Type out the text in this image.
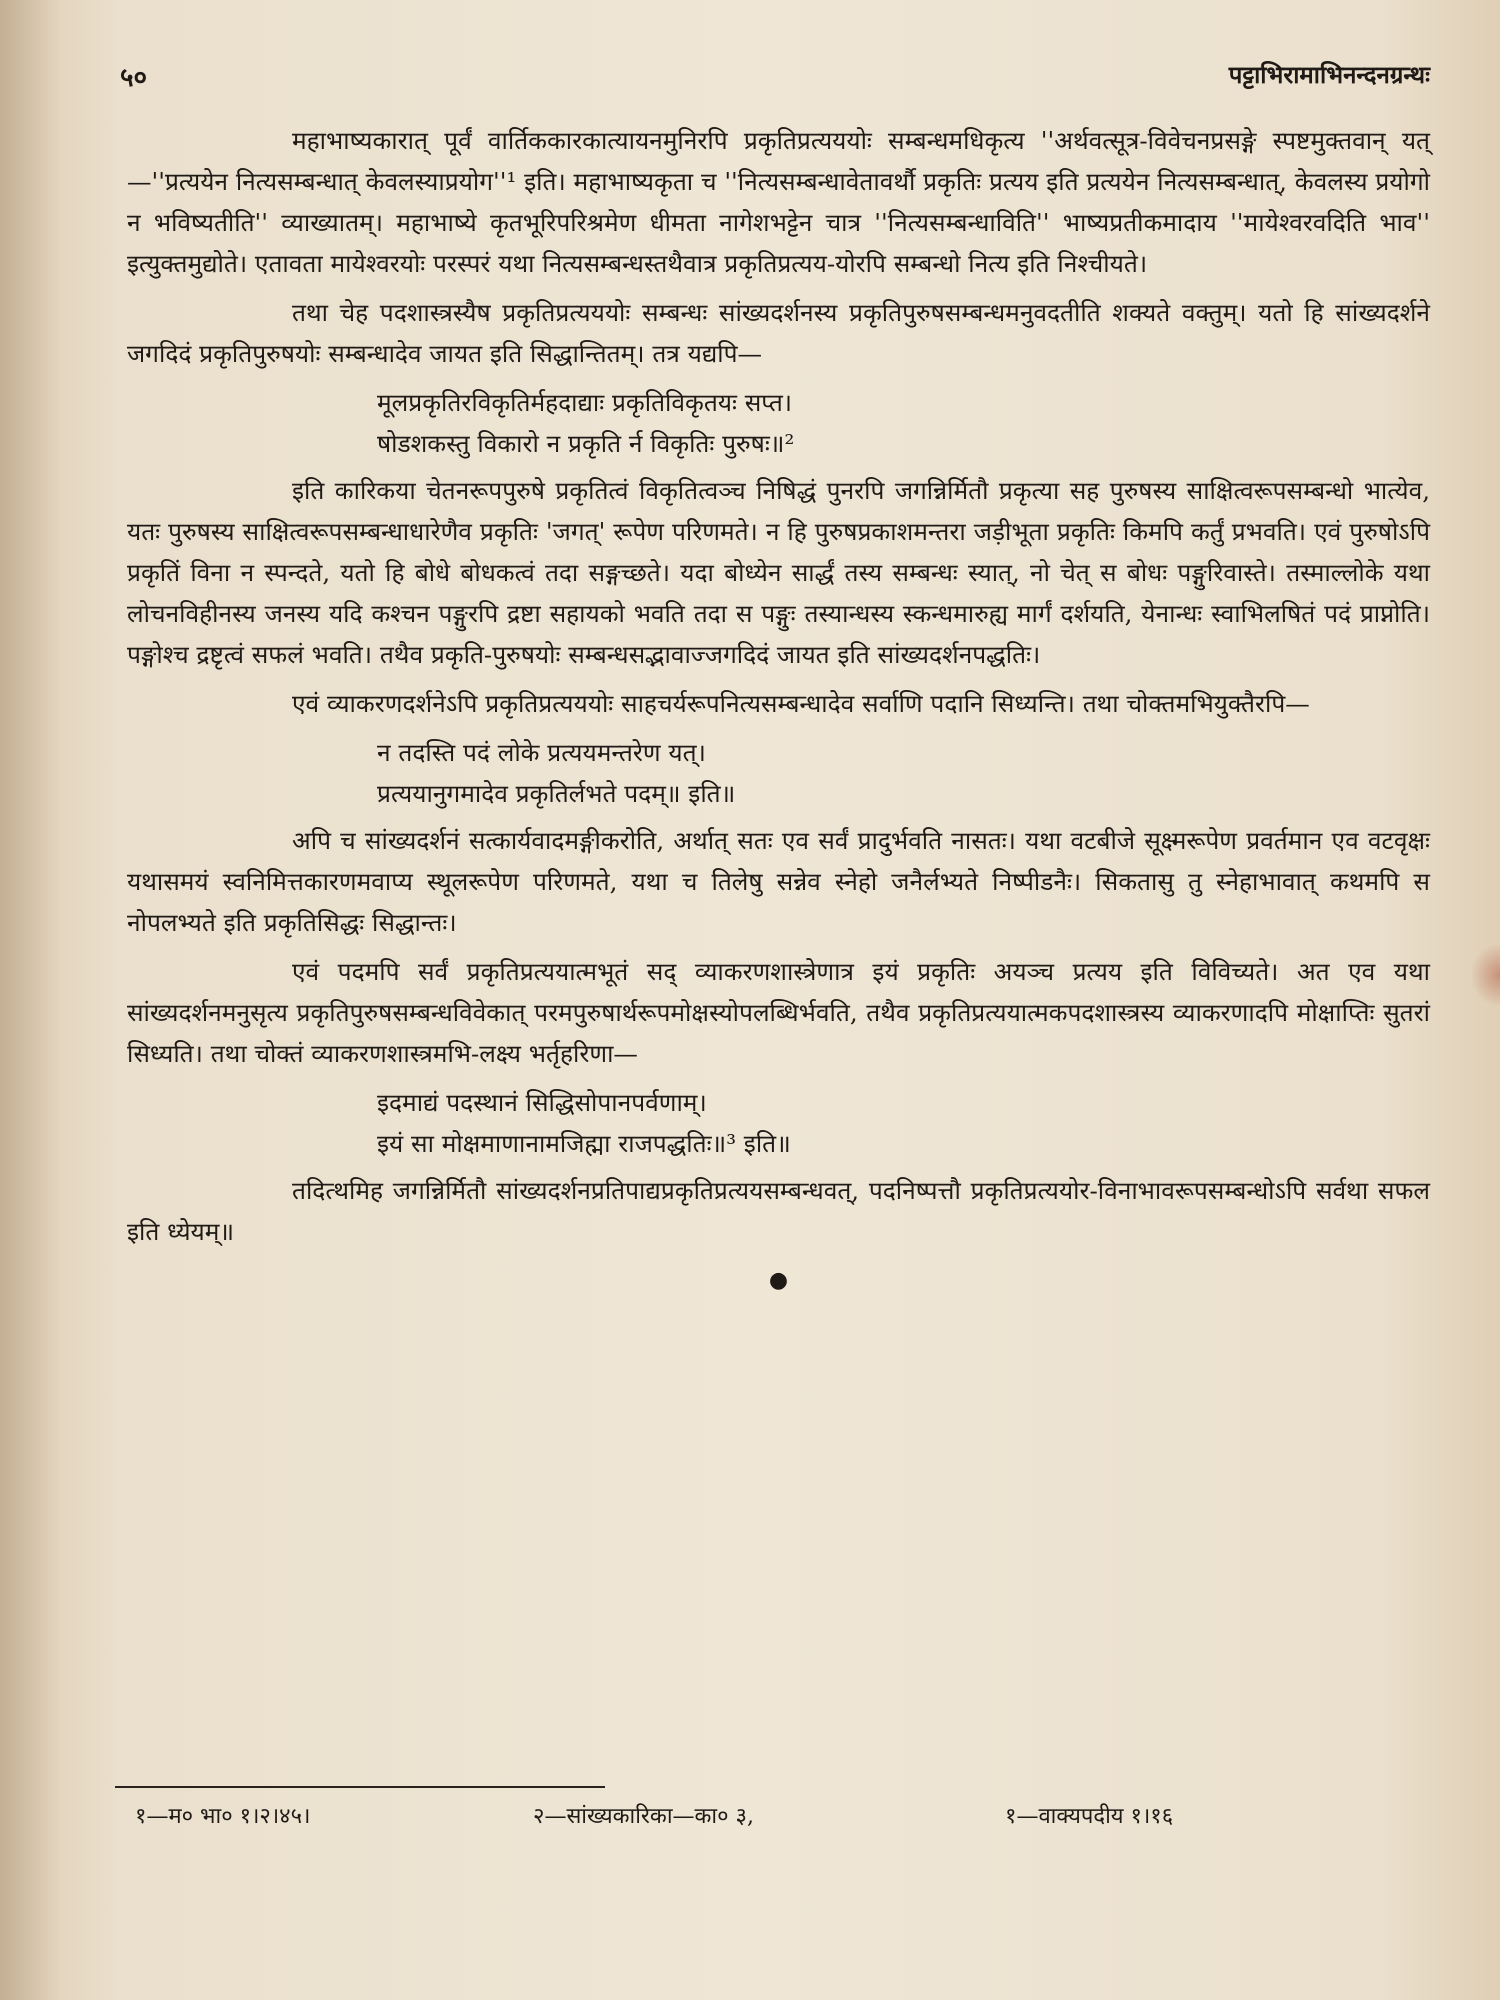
५०	पट्टाभिरामाभिनन्दनग्रन्थः

महाभाष्यकारात् पूर्वं वार्तिककारकात्यायनमुनिरपि प्रकृतिप्रत्यययोः सम्बन्धमधिकृत्य ''अर्थवत्सूत्र-विवेचनप्रसङ्गे स्पष्टमुक्तवान् यत्—''प्रत्ययेन नित्यसम्बन्धात् केवलस्याप्रयोग''¹ इति। महाभाष्यकृता च ''नित्यसम्बन्धावेतावर्थौ प्रकृतिः प्रत्यय इति प्रत्ययेन नित्यसम्बन्धात्, केवलस्य प्रयोगो न भविष्यतीति'' व्याख्यातम्। महाभाष्ये कृतभूरिपरिश्रमेण धीमता नागेशभट्टेन चात्र ''नित्यसम्बन्धाविति'' भाष्यप्रतीकमादाय ''मायेश्वरवदिति भाव'' इत्युक्तमुद्योते। एतावता मायेश्वरयोः परस्परं यथा नित्यसम्बन्धस्तथैवात्र प्रकृतिप्रत्यय-योरपि सम्बन्धो नित्य इति निश्चीयते।

तथा चेह पदशास्त्रस्यैष प्रकृतिप्रत्यययोः सम्बन्धः सांख्यदर्शनस्य प्रकृतिपुरुषसम्बन्धमनुवदतीति शक्यते वक्तुम्। यतो हि सांख्यदर्शने जगदिदं प्रकृतिपुरुषयोः सम्बन्धादेव जायत इति सिद्धान्तितम्। तत्र यद्यपि—

मूलप्रकृतिरविकृतिर्महदाद्याः प्रकृतिविकृतयः सप्त।
षोडशकस्तु विकारो न प्रकृति र्न विकृतिः पुरुषः॥²

इति कारिकया चेतनरूपपुरुषे प्रकृतित्वं विकृतित्वञ्च निषिद्धं पुनरपि जगन्निर्मितौ प्रकृत्या सह पुरुषस्य साक्षित्वरूपसम्बन्धो भात्येव, यतः पुरुषस्य साक्षित्वरूपसम्बन्धाधारेणैव प्रकृतिः 'जगत्' रूपेण परिणमते। न हि पुरुषप्रकाशमन्तरा जड़ीभूता प्रकृतिः किमपि कर्तुं प्रभवति। एवं पुरुषोऽपि प्रकृतिं विना न स्पन्दते, यतो हि बोधे बोधकत्वं तदा सङ्गच्छते। यदा बोध्येन सार्द्धं तस्य सम्बन्धः स्यात्, नो चेत् स बोधः पङ्गुरिवास्ते। तस्माल्लोके यथा लोचनविहीनस्य जनस्य यदि कश्चन पङ्गुरपि द्रष्टा सहायको भवति तदा स पङ्गुः तस्यान्धस्य स्कन्धमारुह्य मार्गं दर्शयति, येनान्धः स्वाभिलषितं पदं प्राप्नोति। पङ्गोश्च द्रष्टृत्वं सफलं भवति। तथैव प्रकृति-पुरुषयोः सम्बन्धसद्भावाज्जगदिदं जायत इति सांख्यदर्शनपद्धतिः।

एवं व्याकरणदर्शनेऽपि प्रकृतिप्रत्यययोः साहचर्यरूपनित्यसम्बन्धादेव सर्वाणि पदानि सिध्यन्ति। तथा चोक्तमभियुक्तैरपि—

न तदस्ति पदं लोके प्रत्ययमन्तरेण यत्।
प्रत्ययानुगमादेव प्रकृतिर्लभते पदम्॥ इति॥

अपि च सांख्यदर्शनं सत्कार्यवादमङ्गीकरोति, अर्थात् सतः एव सर्वं प्रादुर्भवति नासतः। यथा वटबीजे सूक्ष्मरूपेण प्रवर्तमान एव वटवृक्षः यथासमयं स्वनिमित्तकारणमवाप्य स्थूलरूपेण परिणमते, यथा च तिलेषु सन्नेव स्नेहो जनैर्लभ्यते निष्पीडनैः। सिकतासु तु स्नेहाभावात् कथमपि स नोपलभ्यते इति प्रकृतिसिद्धः सिद्धान्तः।

एवं पदमपि सर्वं प्रकृतिप्रत्ययात्मभूतं सद् व्याकरणशास्त्रेणात्र इयं प्रकृतिः अयञ्च प्रत्यय इति विविच्यते। अत एव यथा सांख्यदर्शनमनुसृत्य प्रकृतिपुरुषसम्बन्धविवेकात् परमपुरुषार्थरूपमोक्षस्योपलब्धिर्भवति, तथैव प्रकृतिप्रत्ययात्मकपदशास्त्रस्य व्याकरणादपि मोक्षाप्तिः सुतरां सिध्यति। तथा चोक्तं व्याकरणशास्त्रमभि-लक्ष्य भर्तृहरिणा—

इदमाद्यं पदस्थानं सिद्धिसोपानपर्वणाम्।
इयं सा मोक्षमाणानामजिह्मा राजपद्धतिः॥³ इति॥

तदित्थमिह जगन्निर्मितौ सांख्यदर्शनप्रतिपाद्यप्रकृतिप्रत्ययसम्बन्धवत्, पदनिष्पत्तौ प्रकृतिप्रत्ययोर-विनाभावरूपसम्बन्धोऽपि सर्वथा सफल इति ध्येयम्॥

●
१—म० भा० १।२।४५।	२—सांख्यकारिका—का० ३,	१—वाक्यपदीय १।१६
